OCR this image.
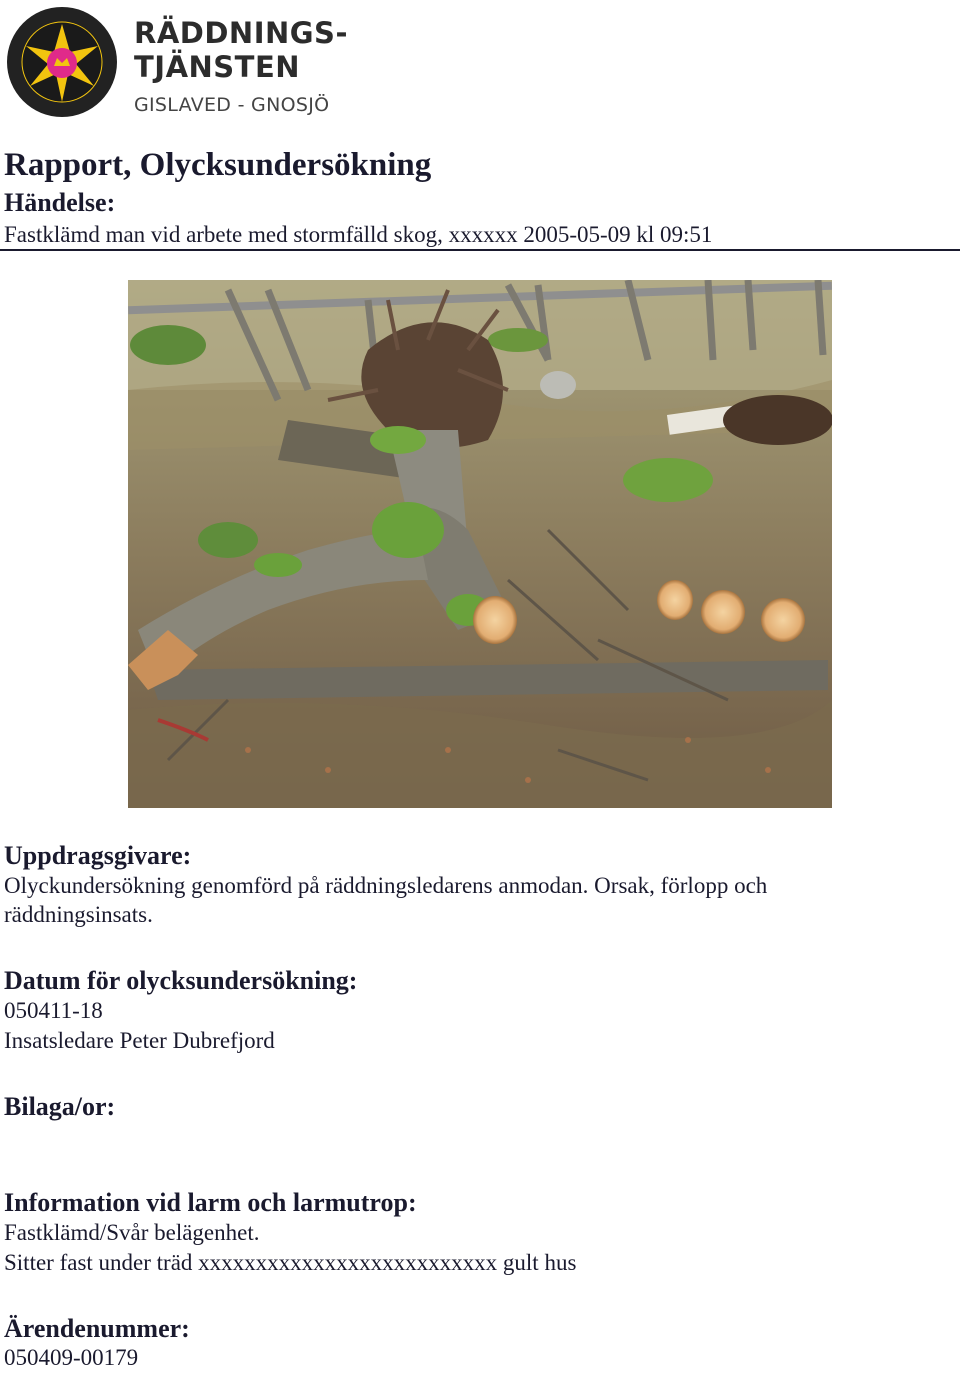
RÄDDNINGS-
TJÄNSTEN
GISLAVED - GNOSJÖ
Rapport, Olycksundersökning
Händelse:

Fastklämd man vid arbete med stormfälld skog, xxxxxx 2005-05-09 kl 09:51

Uppdragsgivare:

Olyckundersökning genomförd på räddningsledarens anmodan. Orsak, förlopp och

räddningsinsats.

Datum för olycksundersökning:

050411-18

Insatsledare Peter Dubrefjord

Bilaga/or:
Information vid larm och larmutrop:

Fastklämd/Svår belägenhet.

Sitter fast under träd xxxxxxxxxxxxxxxxxxxxxxxxxx gult hus

Ärendenummer:

050409-00179
